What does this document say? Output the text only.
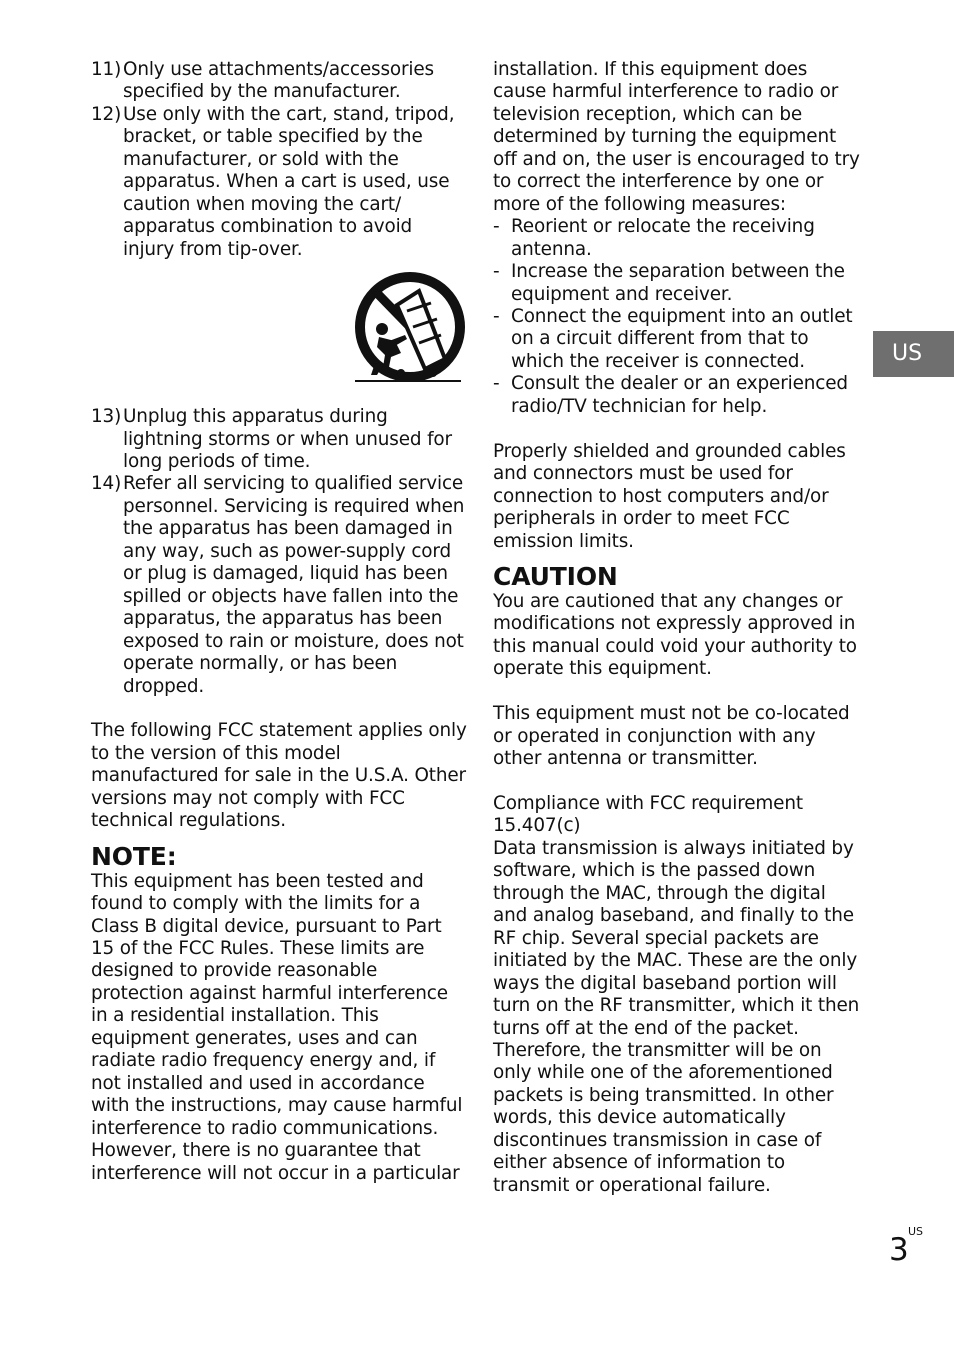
11) Only use attachments/accessories specified by the manufacturer.
12) Use only with the cart, stand, tripod, bracket, or table specified by the manufacturer, or sold with the apparatus. When a cart is used, use caution when moving the cart/ apparatus combination to avoid injury from tip-over.
13) Unplug this apparatus during lightning storms or when unused for long periods of time.
14) Refer all servicing to qualified service personnel. Servicing is required when the apparatus has been damaged in any way, such as power-supply cord or plug is damaged, liquid has been spilled or objects have fallen into the apparatus, the apparatus has been exposed to rain or moisture, does not operate normally, or has been dropped.

The following FCC statement applies only to the version of this model manufactured for sale in the U.S.A. Other versions may not comply with FCC technical regulations.

NOTE:

This equipment has been tested and found to comply with the limits for a Class B digital device, pursuant to Part 15 of the FCC Rules. These limits are designed to provide reasonable protection against harmful interference in a residential installation. This equipment generates, uses and can radiate radio frequency energy and, if not installed and used in accordance with the instructions, may cause harmful interference to radio communications. However, there is no guarantee that interference will not occur in a particular

installation. If this equipment does cause harmful interference to radio or television reception, which can be determined by turning the equipment off and on, the user is encouraged to try to correct the interference by one or more of the following measures:

- Reorient or relocate the receiving antenna.
- Increase the separation between the equipment and receiver.
- Connect the equipment into an outlet on a circuit different from that to which the receiver is connected.
- Consult the dealer or an experienced radio/TV technician for help.

Properly shielded and grounded cables and connectors must be used for connection to host computers and/or peripherals in order to meet FCC emission limits.

CAUTION

You are cautioned that any changes or modifications not expressly approved in this manual could void your authority to operate this equipment.

This equipment must not be co-located or operated in conjunction with any other antenna or transmitter.

Compliance with FCC requirement 15.407(c)

Data transmission is always initiated by software, which is the passed down through the MAC, through the digital and analog baseband, and finally to the RF chip. Several special packets are initiated by the MAC. These are the only ways the digital baseband portion will turn on the RF transmitter, which it then turns off at the end of the packet. Therefore, the transmitter will be on only while one of the aforementioned packets is being transmitted. In other words, this device automatically discontinues transmission in case of either absence of information to transmit or operational failure.

US
US
3
